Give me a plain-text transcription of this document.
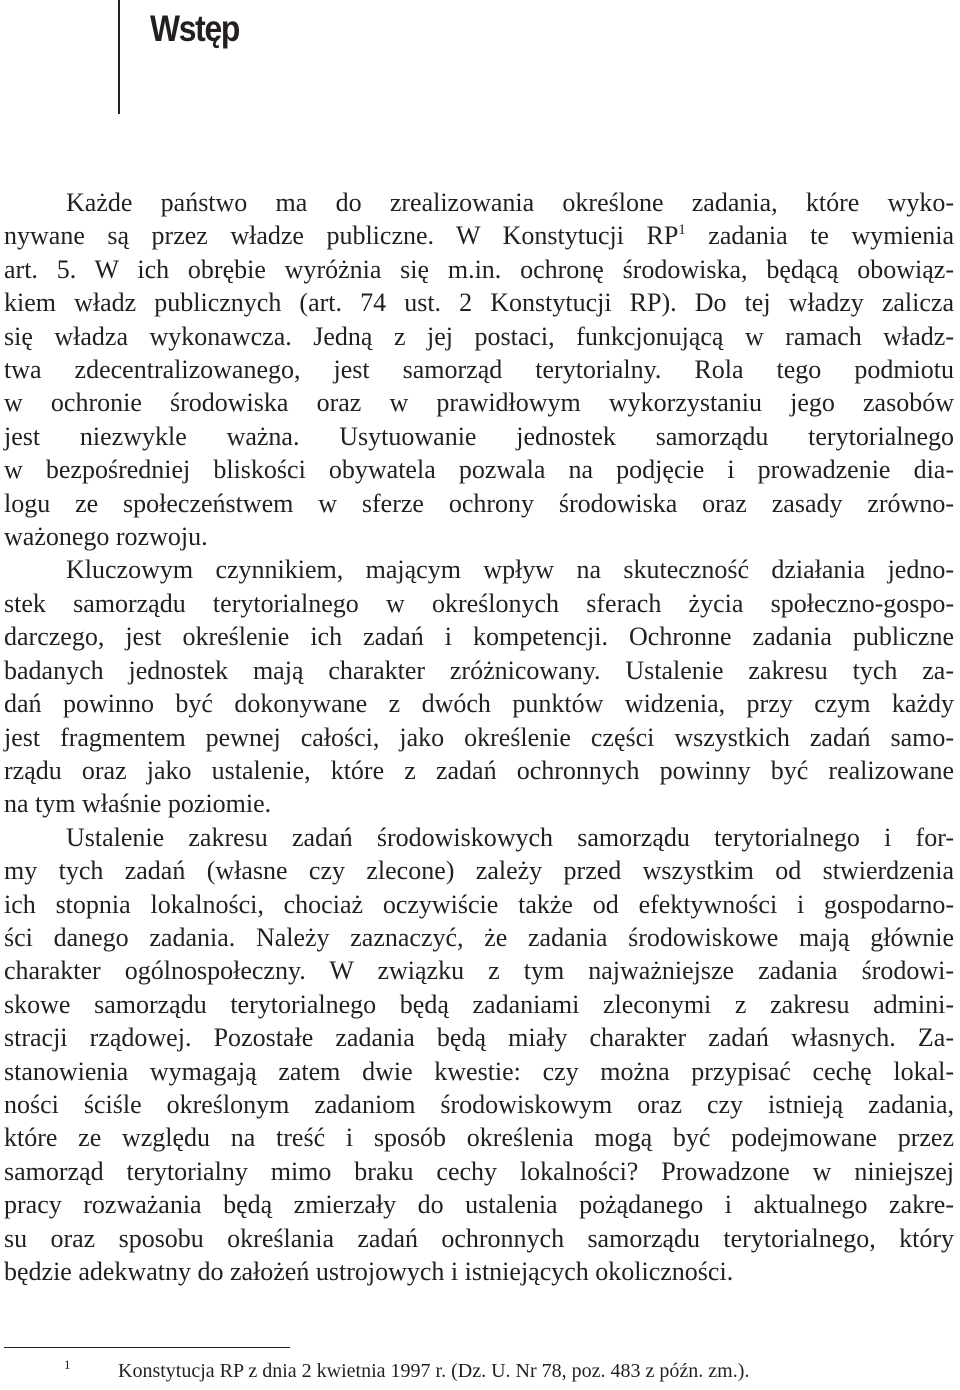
Wstęp
Każde państwo ma do zrealizowania określone zadania, które wyko-
nywane są przez władze publiczne. W Konstytucji RP$^1$ zadania te wymienia
art. 5. W ich obrębie wyróżnia się m.in. ochronę środowiska, będącą obowiąz-
kiem władz publicznych (art. 74 ust. 2 Konstytucji RP). Do tej władzy zalicza
się władza wykonawcza. Jedną z jej postaci, funkcjonującą w ramach władz-
twa zdecentralizowanego, jest samorząd terytorialny. Rola tego podmiotu
w ochronie środowiska oraz w prawidłowym wykorzystaniu jego zasobów
jest niezwykle ważna. Usytuowanie jednostek samorządu terytorialnego
w bezpośredniej bliskości obywatela pozwala na podjęcie i prowadzenie dia-
logu ze społeczeństwem w sferze ochrony środowiska oraz zasady zrówno-
ważonego rozwoju.
Kluczowym czynnikiem, mającym wpływ na skuteczność działania jedno-
stek samorządu terytorialnego w określonych sferach życia społeczno-gospo-
darczego, jest określenie ich zadań i kompetencji. Ochronne zadania publiczne
badanych jednostek mają charakter zróżnicowany. Ustalenie zakresu tych za-
dań powinno być dokonywane z dwóch punktów widzenia, przy czym każdy
jest fragmentem pewnej całości, jako określenie części wszystkich zadań samo-
rządu oraz jako ustalenie, które z zadań ochronnych powinny być realizowane
na tym właśnie poziomie.
Ustalenie zakresu zadań środowiskowych samorządu terytorialnego i for-
my tych zadań (własne czy zlecone) zależy przed wszystkim od stwierdzenia
ich stopnia lokalności, chociaż oczywiście także od efektywności i gospodarno-
ści danego zadania. Należy zaznaczyć, że zadania środowiskowe mają głównie
charakter ogólnospołeczny. W związku z tym najważniejsze zadania środowi-
skowe samorządu terytorialnego będą zadaniami zleconymi z zakresu admini-
stracji rządowej. Pozostałe zadania będą miały charakter zadań własnych. Za-
stanowienia wymagają zatem dwie kwestie: czy można przypisać cechę lokal-
ności ściśle określonym zadaniom środowiskowym oraz czy istnieją zadania,
które ze względu na treść i sposób określenia mogą być podejmowane przez
samorząd terytorialny mimo braku cechy lokalności? Prowadzone w niniejszej
pracy rozważania będą zmierzały do ustalenia pożądanego i aktualnego zakre-
su oraz sposobu określania zadań ochronnych samorządu terytorialnego, który
będzie adekwatny do założeń ustrojowych i istniejących okoliczności.
1 Konstytucja RP z dnia 2 kwietnia 1997 r. (Dz. U. Nr 78, poz. 483 z późn. zm.).
